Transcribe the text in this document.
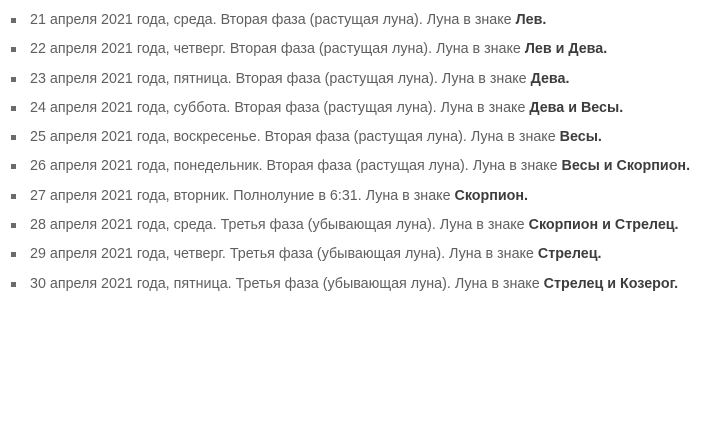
21 апреля 2021 года, среда. Вторая фаза (растущая луна). Луна в знаке Лев.
22 апреля 2021 года, четверг. Вторая фаза (растущая луна). Луна в знаке Лев и Дева.
23 апреля 2021 года, пятница. Вторая фаза (растущая луна). Луна в знаке Дева.
24 апреля 2021 года, суббота. Вторая фаза (растущая луна). Луна в знаке Дева и Весы.
25 апреля 2021 года, воскресенье. Вторая фаза (растущая луна). Луна в знаке Весы.
26 апреля 2021 года, понедельник. Вторая фаза (растущая луна). Луна в знаке Весы и Скорпион.
27 апреля 2021 года, вторник. Полнолуние в 6:31. Луна в знаке Скорпион.
28 апреля 2021 года, среда. Третья фаза (убывающая луна). Луна в знаке Скорпион и Стрелец.
29 апреля 2021 года, четверг. Третья фаза (убывающая луна). Луна в знаке Стрелец.
30 апреля 2021 года, пятница. Третья фаза (убывающая луна). Луна в знаке Стрелец и Козерог.
